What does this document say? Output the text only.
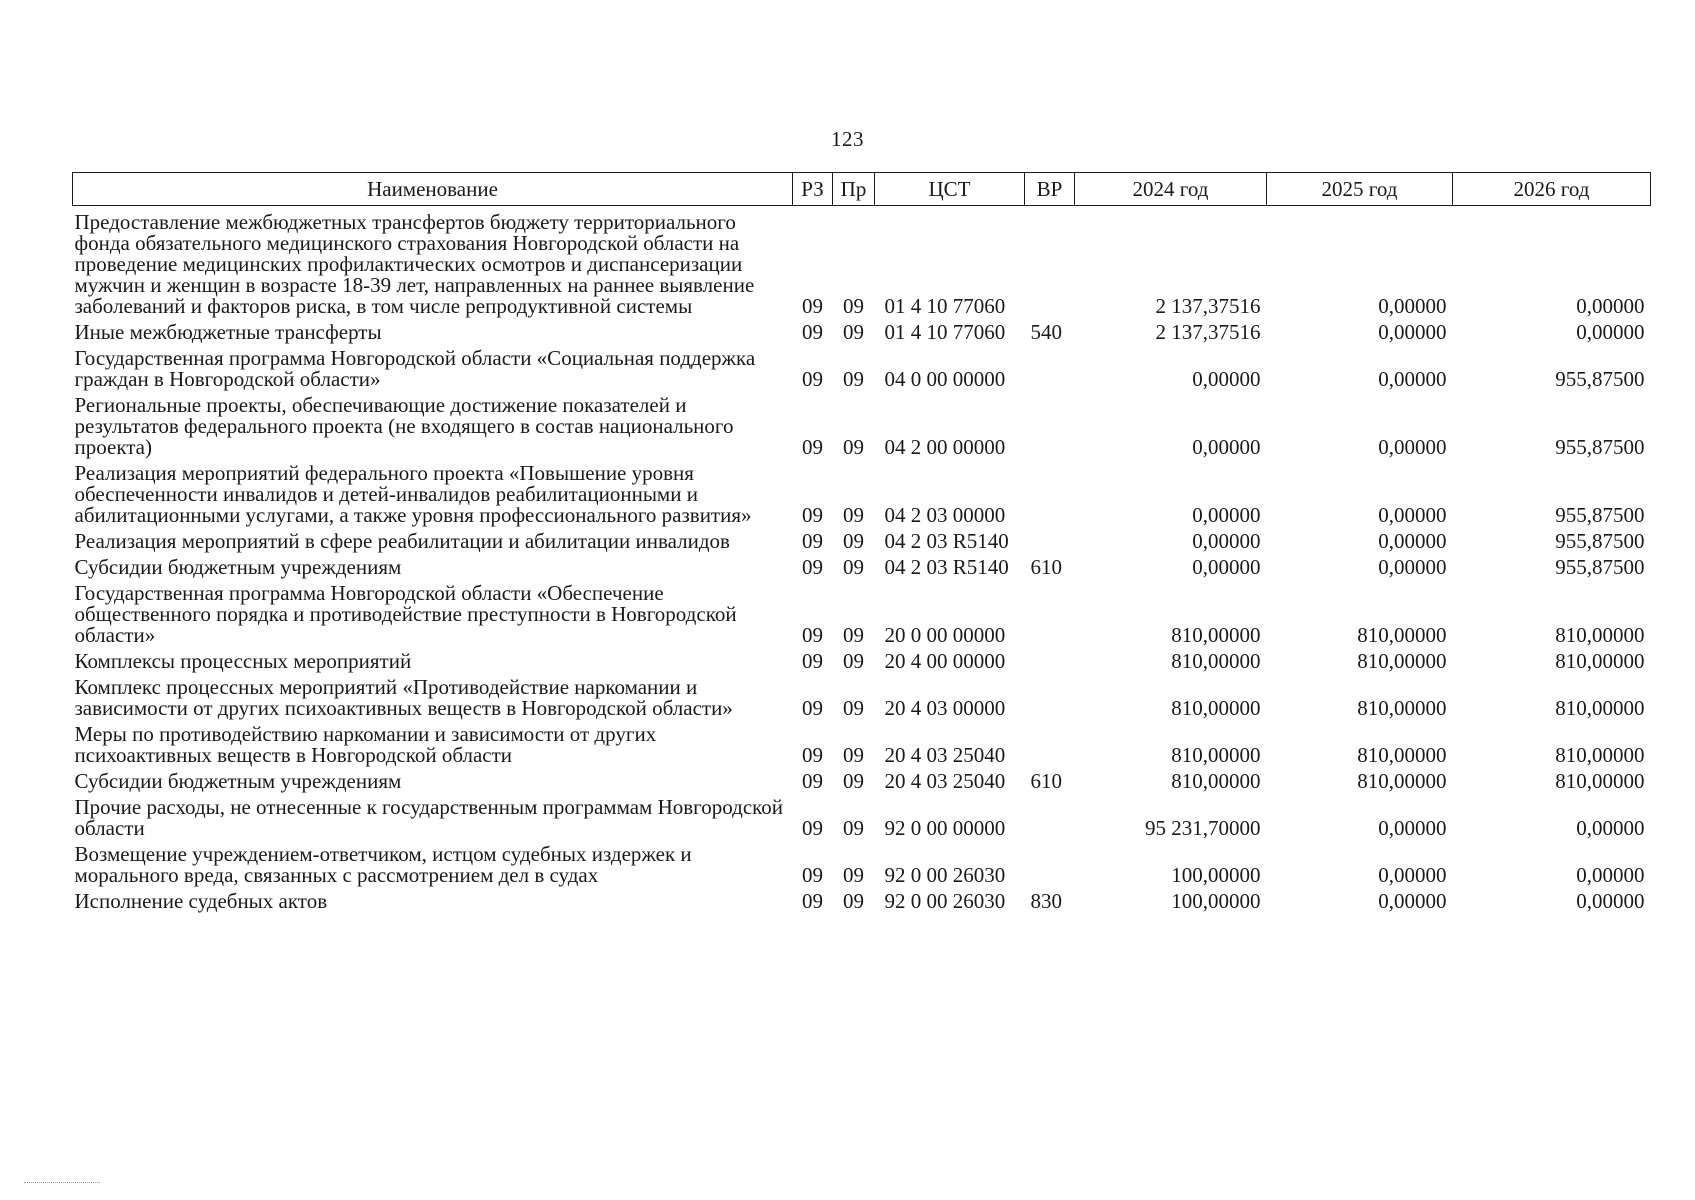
123
Наименование	РЗ	Пр	ЦСТ	ВР	2024 год	2025 год	2026 год
Предоставление межбюджетных трансфертов бюджету территориального фонда обязательного медицинского страхования Новгородской области на проведение медицинских профилактических осмотров и диспансеризации мужчин и женщин в возрасте 18-39 лет, направленных на раннее выявление заболеваний и факторов риска, в том числе репродуктивной системы	09	09	01 4 10 77060		2 137,37516	0,00000	0,00000
Иные межбюджетные трансферты	09	09	01 4 10 77060	540	2 137,37516	0,00000	0,00000
Государственная программа Новгородской области «Социальная поддержка граждан в Новгородской области»	09	09	04 0 00 00000		0,00000	0,00000	955,87500
Региональные проекты, обеспечивающие достижение показателей и результатов федерального проекта (не входящего в состав национального проекта)	09	09	04 2 00 00000		0,00000	0,00000	955,87500
Реализация мероприятий федерального проекта «Повышение уровня обеспеченности инвалидов и детей-инвалидов реабилитационными и абилитационными услугами, а также уровня профессионального развития»	09	09	04 2 03 00000		0,00000	0,00000	955,87500
Реализация мероприятий в сфере реабилитации и абилитации инвалидов	09	09	04 2 03 R5140		0,00000	0,00000	955,87500
Субсидии бюджетным учреждениям	09	09	04 2 03 R5140	610	0,00000	0,00000	955,87500
Государственная программа Новгородской области «Обеспечение общественного порядка и противодействие преступности в Новгородской области»	09	09	20 0 00 00000		810,00000	810,00000	810,00000
Комплексы процессных мероприятий	09	09	20 4 00 00000		810,00000	810,00000	810,00000
Комплекс процессных мероприятий «Противодействие наркомании и зависимости от других психоактивных веществ в Новгородской области»	09	09	20 4 03 00000		810,00000	810,00000	810,00000
Меры по противодействию наркомании и зависимости от других психоактивных веществ в Новгородской области	09	09	20 4 03 25040		810,00000	810,00000	810,00000
Субсидии бюджетным учреждениям	09	09	20 4 03 25040	610	810,00000	810,00000	810,00000
Прочие расходы, не отнесенные к государственным программам Новгородской области	09	09	92 0 00 00000		95 231,70000	0,00000	0,00000
Возмещение учреждением-ответчиком, истцом судебных издержек и морального вреда, связанных с рассмотрением дел в судах	09	09	92 0 00 26030		100,00000	0,00000	0,00000
Исполнение судебных актов	09	09	92 0 00 26030	830	100,00000	0,00000	0,00000
